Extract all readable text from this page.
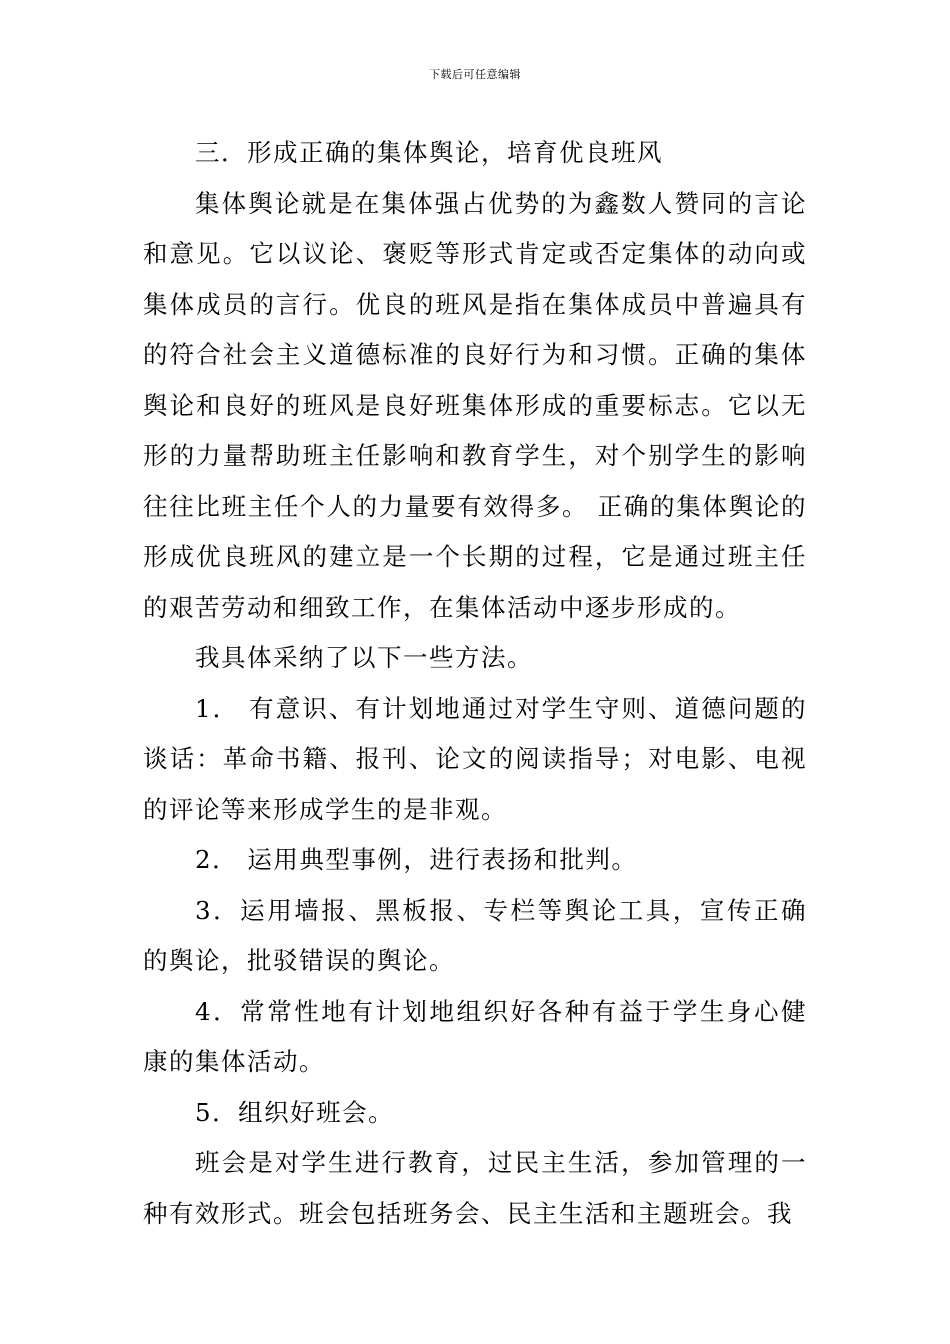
下载后可任意编辑

三．形成正确的集体舆论，培育优良班风

集体舆论就是在集体强占优势的为鑫数人赞同的言论和意见。它以议论、褒贬等形式肯定或否定集体的动向或集体成员的言行。优良的班风是指在集体成员中普遍具有的符合社会主义道德标准的良好行为和习惯。正确的集体舆论和良好的班风是良好班集体形成的重要标志。它以无形的力量帮助班主任影响和教育学生，对个别学生的影响往往比班主任个人的力量要有效得多。 正确的集体舆论的形成优良班风的建立是一个长期的过程，它是通过班主任的艰苦劳动和细致工作，在集体活动中逐步形成的。

我具体采纳了以下一些方法。

1． 有意识、有计划地通过对学生守则、道德问题的谈话：革命书籍、报刊、论文的阅读指导；对电影、电视的评论等来形成学生的是非观。

2． 运用典型事例，进行表扬和批判。

3．运用墙报、黑板报、专栏等舆论工具，宣传正确的舆论，批驳错误的舆论。

4．常常性地有计划地组织好各种有益于学生身心健康的集体活动。

5．组织好班会。

班会是对学生进行教育，过民主生活，参加管理的一种有效形式。班会包括班务会、民主生活和主题班会。我
